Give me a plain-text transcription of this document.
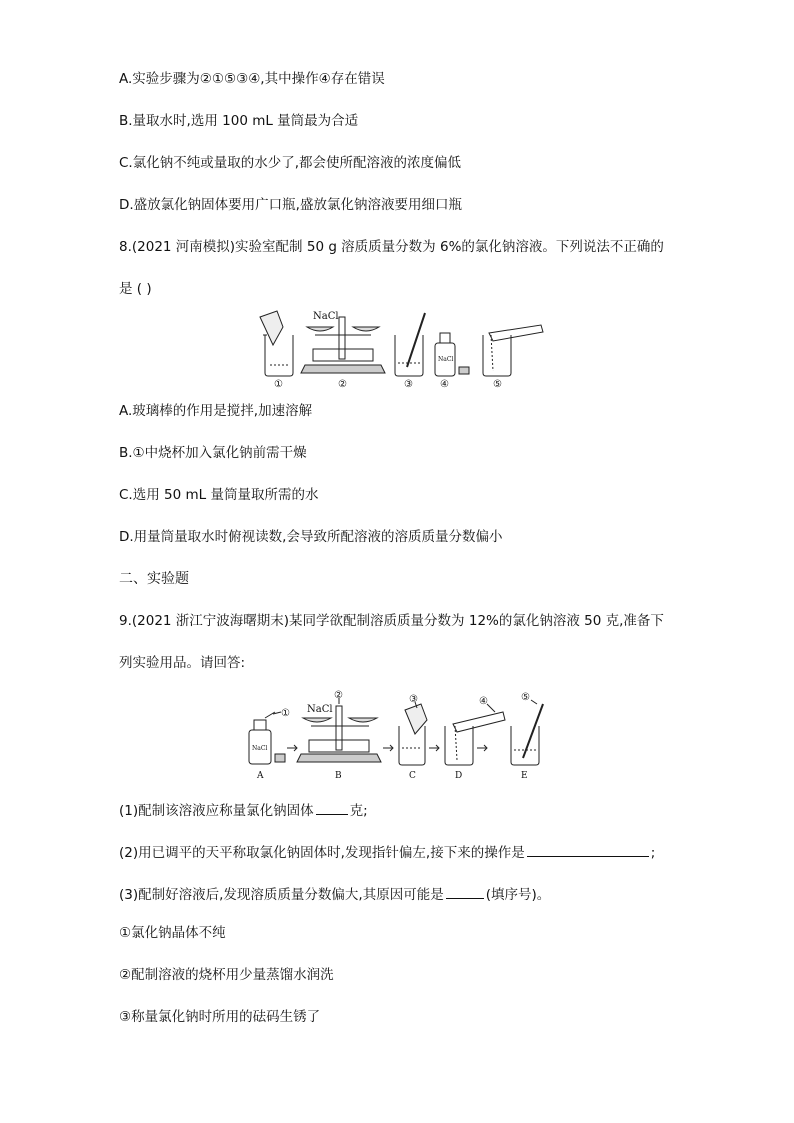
A.实验步骤为②①⑤③④,其中操作④存在错误
B.量取水时,选用 100 mL 量筒最为合适
C.氯化钠不纯或量取的水少了,都会使所配溶液的浓度偏低
D.盛放氯化钠固体要用广口瓶,盛放氯化钠溶液要用细口瓶
8.(2021 河南模拟)实验室配制 50 g 溶质质量分数为 6%的氯化钠溶液。下列说法不正确的
是 ( )
NaCl
NaCl
①	②	③	④	⑤
A.玻璃棒的作用是搅拌,加速溶解
B.①中烧杯加入氯化钠前需干燥
C.选用 50 mL 量筒量取所需的水
D.用量筒量取水时俯视读数,会导致所配溶液的溶质质量分数偏小
二、实验题
9.(2021 浙江宁波海曙期末)某同学欲配制溶质质量分数为 12%的氯化钠溶液 50 克,准备下
列实验用品。请回答:
NaCl
NaCl
①
②	③	④	⑤
A	B	C	D	E
(1)配制该溶液应称量氯化钠固体	克;
(2)用已调平的天平称取氯化钠固体时,发现指针偏左,接下来的操作是	;
(3)配制好溶液后,发现溶质质量分数偏大,其原因可能是	(填序号)。
①氯化钠晶体不纯
②配制溶液的烧杯用少量蒸馏水润洗
③称量氯化钠时所用的砝码生锈了
